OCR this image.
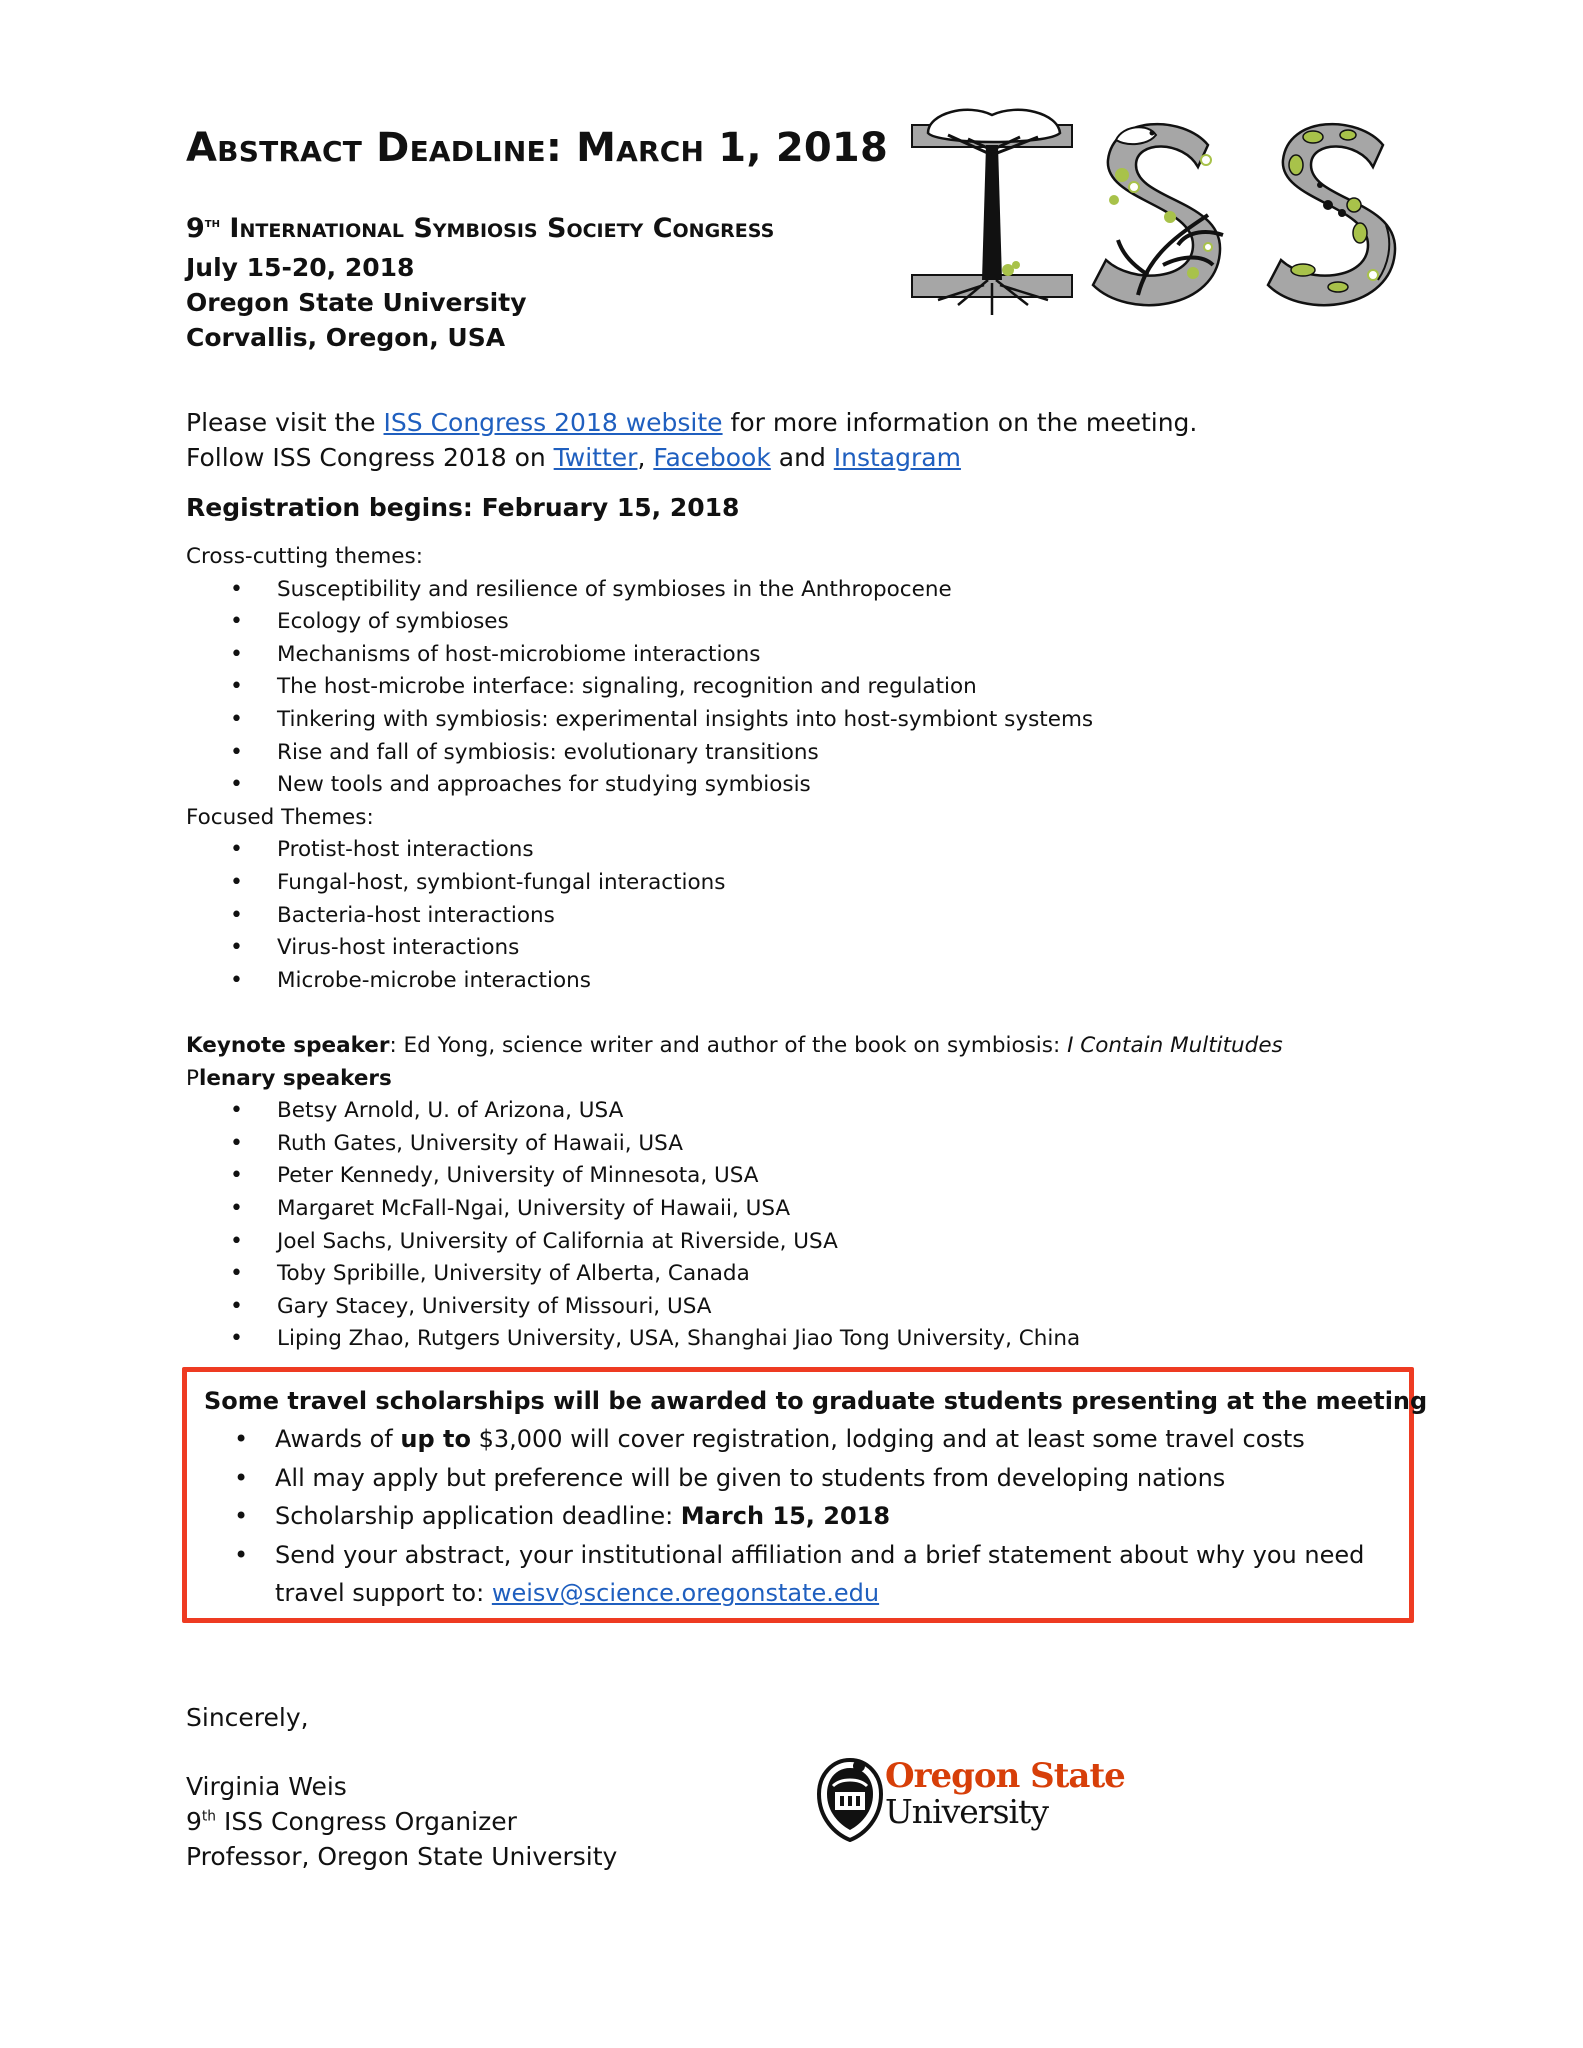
Abstract Deadline: March 1, 2018
9th International Symbiosis Society Congress
July 15-20, 2018
Oregon State University
Corvallis, Oregon, USA
Please visit the ISS Congress 2018 website for more information on the meeting.
Follow ISS Congress 2018 on Twitter, Facebook and Instagram
Registration begins: February 15, 2018
Cross-cutting themes:
• Susceptibility and resilience of symbioses in the Anthropocene
• Ecology of symbioses
• Mechanisms of host-microbiome interactions
• The host-microbe interface: signaling, recognition and regulation
• Tinkering with symbiosis: experimental insights into host-symbiont systems
• Rise and fall of symbiosis: evolutionary transitions
• New tools and approaches for studying symbiosis
Focused Themes:
• Protist-host interactions
• Fungal-host, symbiont-fungal interactions
• Bacteria-host interactions
• Virus-host interactions
• Microbe-microbe interactions
Keynote speaker: Ed Yong, science writer and author of the book on symbiosis: I Contain Multitudes
Plenary speakers
• Betsy Arnold, U. of Arizona, USA
• Ruth Gates, University of Hawaii, USA
• Peter Kennedy, University of Minnesota, USA
• Margaret McFall-Ngai, University of Hawaii, USA
• Joel Sachs, University of California at Riverside, USA
• Toby Spribille, University of Alberta, Canada
• Gary Stacey, University of Missouri, USA
• Liping Zhao, Rutgers University, USA, Shanghai Jiao Tong University, China
Some travel scholarships will be awarded to graduate students presenting at the meeting
• Awards of up to $3,000 will cover registration, lodging and at least some travel costs
• All may apply but preference will be given to students from developing nations
• Scholarship application deadline: March 15, 2018
• Send your abstract, your institutional affiliation and a brief statement about why you need
travel support to: weisv@science.oregonstate.edu
Sincerely,
Virginia Weis
9th ISS Congress Organizer
Professor, Oregon State University
Oregon State
University
